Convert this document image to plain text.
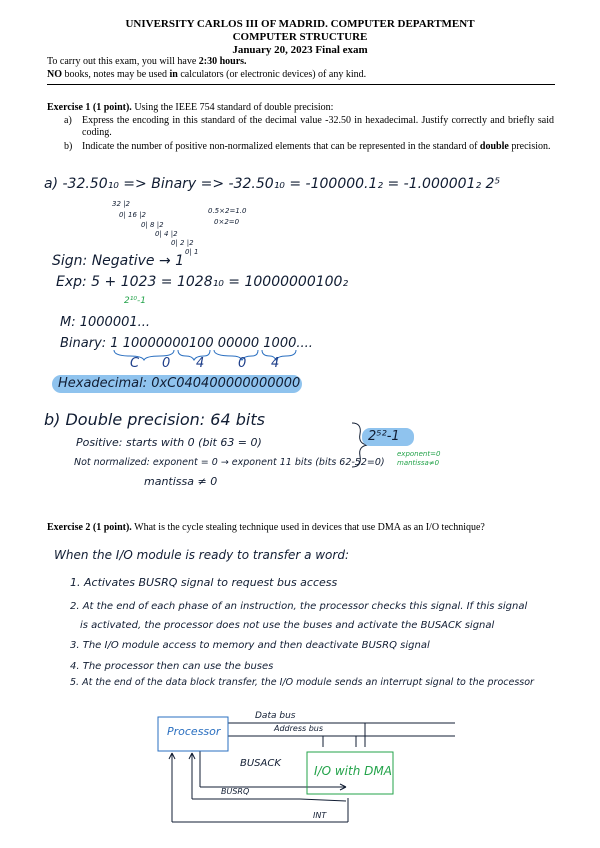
UNIVERSITY CARLOS III OF MADRID. COMPUTER DEPARTMENT
COMPUTER STRUCTURE
January 20, 2023 Final exam
To carry out this exam, you will have 2:30 hours.
NO books, notes may be used in calculators (or electronic devices) of any kind.
Exercise 1 (1 point). Using the IEEE 754 standard of double precision:
a) Express the encoding in this standard of the decimal value -32.50 in hexadecimal. Justify correctly and briefly said coding.
b) Indicate the number of positive non-normalized elements that can be represented in the standard of double precision.
a) -32.50₁₀ => Binary => -32.50₁₀ = -100000.1₂ = -1.000001₂ 2⁵
32 |2
0| 16 |2
0| 8 |2
0| 4 |2
0| 2 |2
0| 1
0.5×2=1.0
0×2=0
Sign: Negative → 1
Exp: 5 + 1023 = 1028₁₀ = 10000000100₂
2¹⁰-1
M: 1000001...
Binary: 1 10000000100 00000 1000....
C 0 4	0 4
Hexadecimal: 0xC040400000000000
b) Double precision: 64 bits
Positive: starts with 0 (bit 63 = 0)
Not normalized: exponent = 0 → exponent 11 bits (bits 62-52=0)
mantissa ≠ 0
2⁵²-1
exponent=0
mantissa≠0
Exercise 2 (1 point). What is the cycle stealing technique used in devices that use DMA as an I/O technique?
When the I/O module is ready to transfer a word:
1. Activates BUSRQ signal to request bus access
2. At the end of each phase of an instruction, the processor checks this signal. If this signal
is activated, the processor does not use the buses and activate the BUSACK signal
3. The I/O module access to memory and then deactivate BUSRQ signal
4. The processor then can use the buses
5. At the end of the data block transfer, the I/O module sends an interrupt signal to the processor
Processor
I/O with DMA
Data bus
Address bus
BUSACK
BUSRQ
INT
